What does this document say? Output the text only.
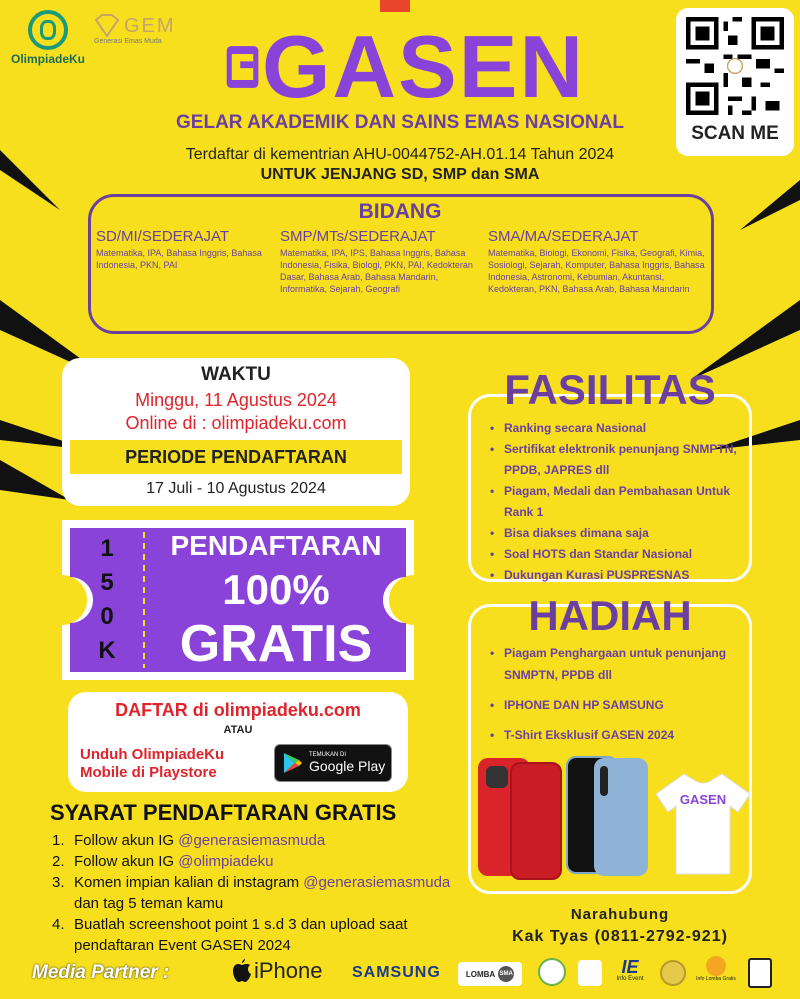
OlimpiadeKu
GEM
Generasi Emas Muda GASEN
SCAN ME
GELAR AKADEMIK DAN SAINS EMAS NASIONAL
Terdaftar di kementrian AHU-0044752-AH.01.14 Tahun 2024
UNTUK JENJANG SD, SMP dan SMA
BIDANG
SD/MI/SEDERAJAT
Matematika, IPA, Bahasa Inggris, Bahasa Indonesia, PKN, PAI
SMP/MTs/SEDERAJAT
Matematika, IPA, IPS, Bahasa Inggris, Bahasa Indonesia, Fisika, Biologi, PKN, PAI, Kedokteran Dasar, Bahasa Arab, Bahasa Mandarin, Informatika, Sejarah, Geografi
SMA/MA/SEDERAJAT
Matematika, Biologi, Ekonomi, Fisika, Geografi, Kimia, Sosiologi, Sejarah, Komputer, Bahasa Inggris, Bahasa Indonesia, Astronomi, Kebumian, Akuntansi, Kedokteran, PKN, Bahasa Arab, Bahasa Mandarin
WAKTU
Minggu, 11 Agustus 2024
Online di : olimpiadeku.com
PERIODE PENDAFTARAN
17 Juli - 10 Agustus 2024
1
5
0
K
PENDAFTARAN
100%
GRATIS
DAFTAR di olimpiadeku.com
ATAU
Unduh OlimpiadeKu
Mobile di Playstore
TEMUKAN DI
Google Play
FASILITAS
• Ranking secara Nasional
• Sertifikat elektronik penunjang SNMPTN, PPDB, JAPRES dll
• Piagam, Medali dan Pembahasan Untuk Rank 1
• Bisa diakses dimana saja
• Soal HOTS dan Standar Nasional
• Dukungan Kurasi PUSPRESNAS
HADIAH
• Piagam Penghargaan untuk penunjang SNMPTN, PPDB dll
• IPHONE DAN HP SAMSUNG
• T-Shirt Eksklusif GASEN 2024
GASEN
SYARAT PENDAFTARAN GRATIS
1. Follow akun IG @generasiemasmuda
2. Follow akun IG @olimpiadeku
3. Komen impian kalian di instagram @generasiemasmuda dan tag 5 teman kamu
4. Buatlah screenshoot point 1 s.d 3 dan upload saat pendaftaran Event GASEN 2024
Narahubung
Kak Tyas (0811-2792-921)
Media Partner :	iPhone SAMSUNG	LOMBA SMA	IE
Info Event	Info Lomba Gratis
